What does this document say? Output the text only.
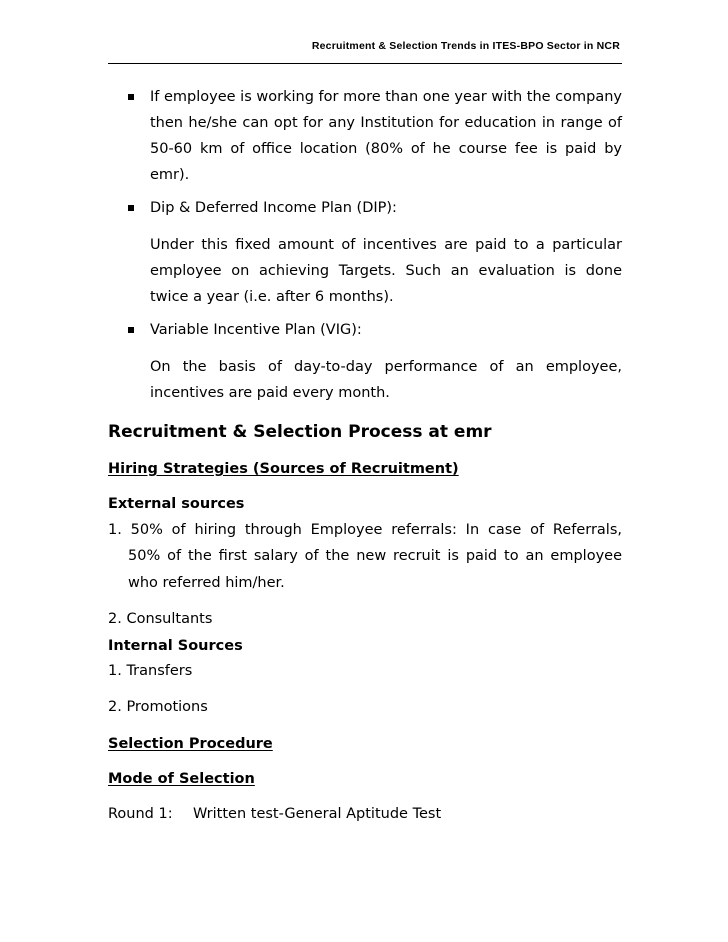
Recruitment & Selection Trends in ITES-BPO Sector in NCR
If employee is working for more than one year with the company
then he/she can opt for any Institution for education in range of
50-60 km of office location (80% of he course fee is paid by
emr).
Dip & Deferred Income Plan (DIP):
Under this fixed amount of incentives are paid to a particular
employee on achieving Targets. Such an evaluation is done
twice a year (i.e. after 6 months).
Variable Incentive Plan (VIG):
On the basis of day-to-day performance of an employee,
incentives are paid every month.
Recruitment & Selection Process at emr
Hiring Strategies (Sources of Recruitment)
External sources
1. 50% of hiring through Employee referrals: In case of Referrals,
50% of the first salary of the new recruit is paid to an employee
who referred him/her.
2. Consultants
Internal Sources
1. Transfers
2. Promotions
Selection Procedure
Mode of Selection
Round 1: Written test-General Aptitude Test
